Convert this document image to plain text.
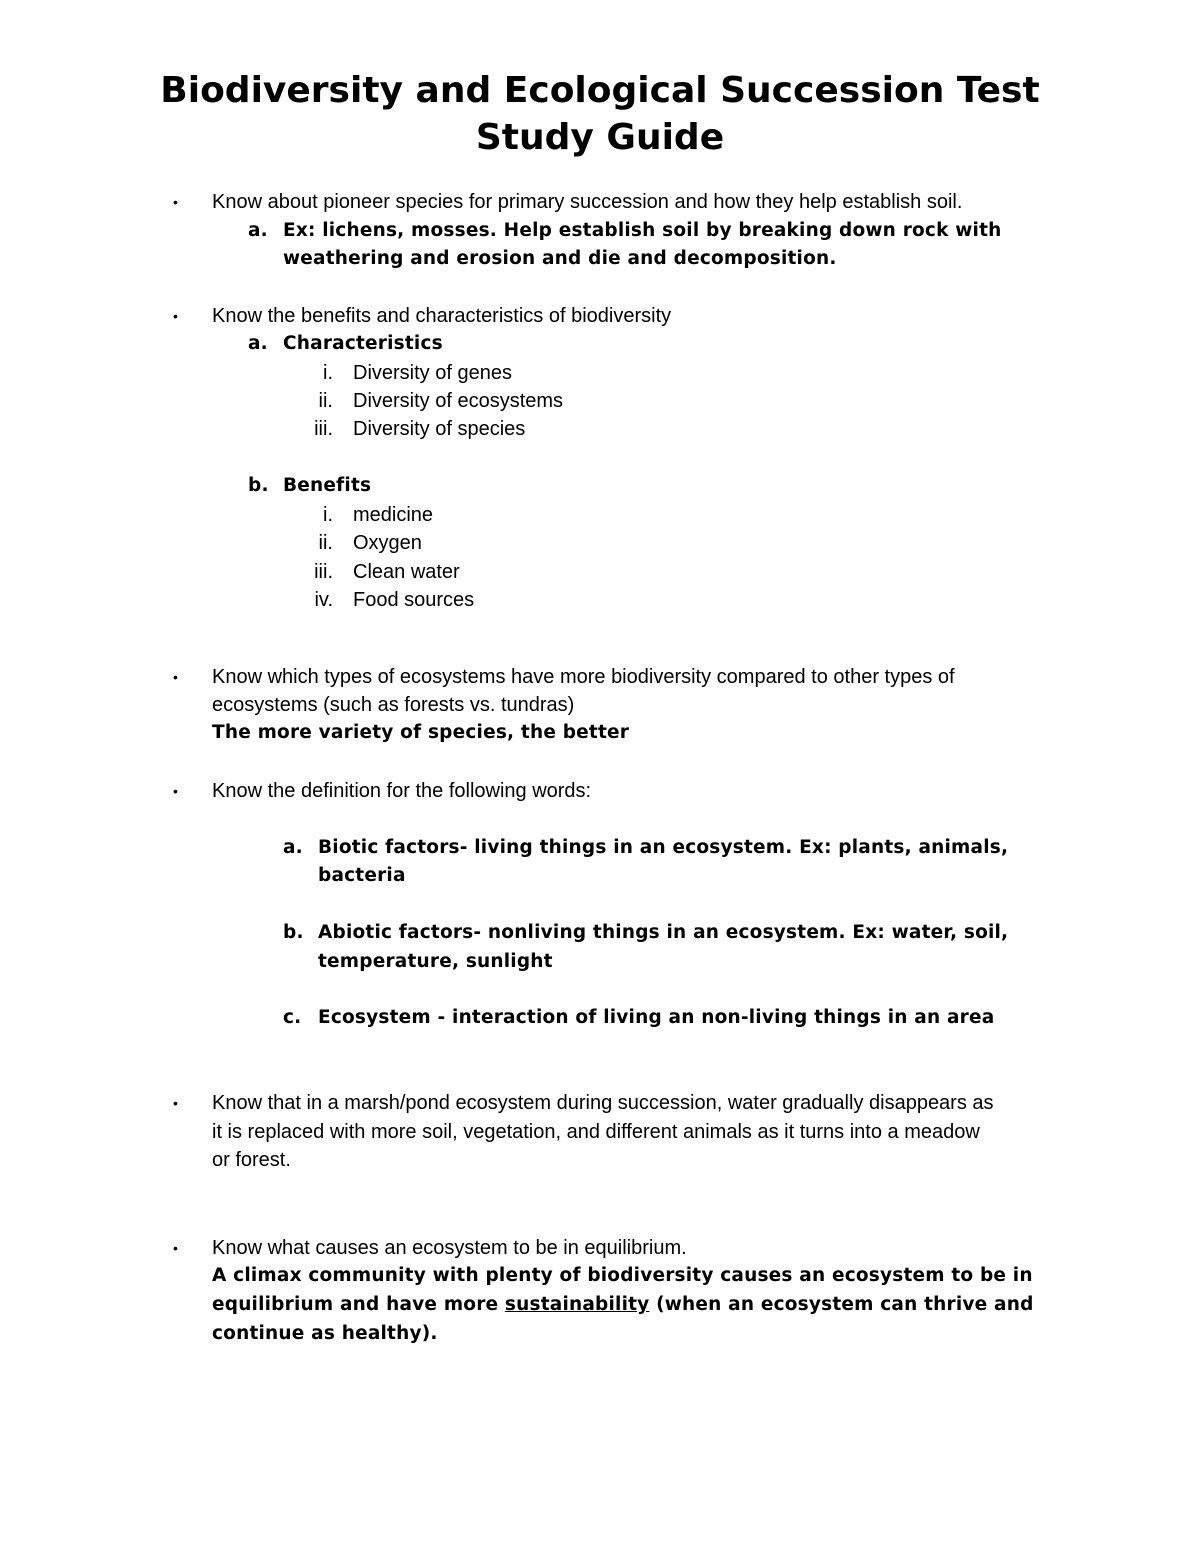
Biodiversity and Ecological Succession Test
Study Guide
• Know about pioneer species for primary succession and how they help establish soil.
a. Ex: lichens, mosses. Help establish soil by breaking down rock with
weathering and erosion and die and decomposition.
• Know the benefits and characteristics of biodiversity
a. Characteristics
i. Diversity of genes
ii. Diversity of ecosystems
iii. Diversity of species
b. Benefits
i. medicine
ii. Oxygen
iii. Clean water
iv. Food sources
• Know which types of ecosystems have more biodiversity compared to other types of
ecosystems (such as forests vs. tundras)
The more variety of species, the better
• Know the definition for the following words:
a. Biotic factors- living things in an ecosystem. Ex: plants, animals,
bacteria
b. Abiotic factors- nonliving things in an ecosystem. Ex: water, soil,
temperature, sunlight
c. Ecosystem - interaction of living an non-living things in an area
• Know that in a marsh/pond ecosystem during succession, water gradually disappears as
it is replaced with more soil, vegetation, and different animals as it turns into a meadow
or forest.
• Know what causes an ecosystem to be in equilibrium.
A climax community with plenty of biodiversity causes an ecosystem to be in
equilibrium and have more sustainability (when an ecosystem can thrive and
continue as healthy).
